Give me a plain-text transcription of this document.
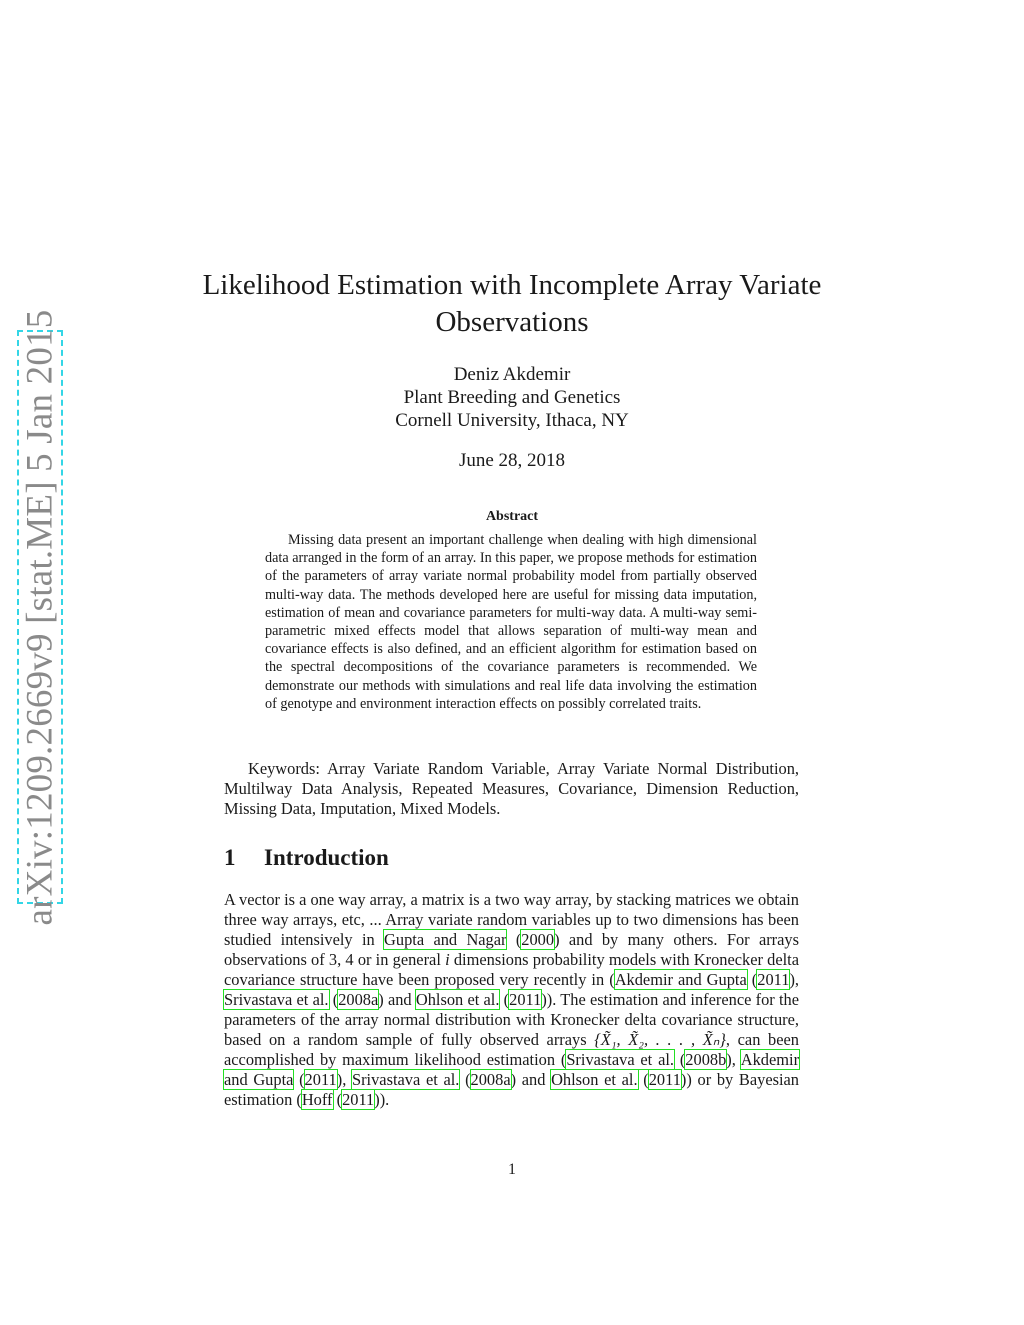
arXiv:1209.2669v9 [stat.ME] 5 Jan 2015
Likelihood Estimation with Incomplete Array Variate Observations
Deniz Akdemir
Plant Breeding and Genetics
Cornell University, Ithaca, NY
June 28, 2018
Abstract

Missing data present an important challenge when dealing with high dimensional data arranged in the form of an array. In this paper, we propose methods for estimation of the parameters of array variate normal probability model from partially observed multi-way data. The methods developed here are useful for missing data imputation, estimation of mean and covariance parameters for multi-way data. A multi-way semi-parametric mixed effects model that allows separation of multi-way mean and covariance effects is also defined, and an efficient algorithm for estimation based on the spectral decompositions of the covariance parameters is recommended. We demonstrate our methods with simulations and real life data involving the estimation of genotype and environment interaction effects on possibly correlated traits.

Keywords: Array Variate Random Variable, Array Variate Normal Distribution, Multilway Data Analysis, Repeated Measures, Covariance, Dimension Reduction, Missing Data, Imputation, Mixed Models.

1 Introduction

A vector is a one way array, a matrix is a two way array, by stacking matrices we obtain three way arrays, etc, ... Array variate random variables up to two dimensions has been studied intensively in Gupta and Nagar (2000) and by many others. For arrays observations of 3, 4 or in general i dimensions probability models with Kronecker delta covariance structure have been proposed very recently in (Akdemir and Gupta (2011), Srivastava et al. (2008a) and Ohlson et al. (2011)). The estimation and inference for the parameters of the array normal distribution with Kronecker delta covariance structure, based on a random sample of fully observed arrays {X̃₁, X̃₂, . . . , X̃ₙ}, can been accomplished by maximum likelihood estimation (Srivastava et al. (2008b), Akdemir and Gupta (2011), Srivastava et al. (2008a) and Ohlson et al. (2011)) or by Bayesian estimation (Hoff (2011)).

1
